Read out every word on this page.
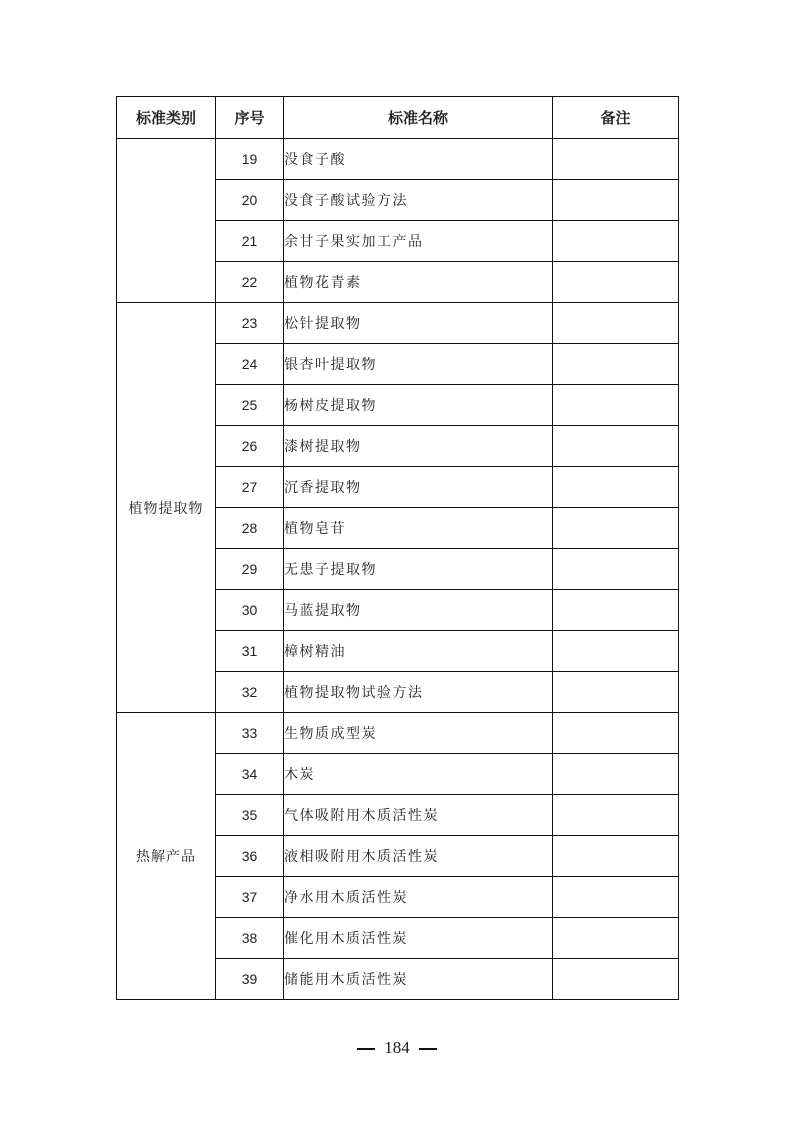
标准类别	序号	标准名称	备注
	19	没食子酸	
	20	没食子酸试验方法	
	21	余甘子果实加工产品	
	22	植物花青素	
植物提取物	23	松针提取物	
	24	银杏叶提取物	
	25	杨树皮提取物	
	26	漆树提取物	
	27	沉香提取物	
	28	植物皂苷	
	29	无患子提取物	
	30	马蓝提取物	
	31	樟树精油	
	32	植物提取物试验方法	
热解产品	33	生物质成型炭	
	34	木炭	
	35	气体吸附用木质活性炭	
	36	液相吸附用木质活性炭	
	37	净水用木质活性炭	
	38	催化用木质活性炭	
	39	储能用木质活性炭	
184
